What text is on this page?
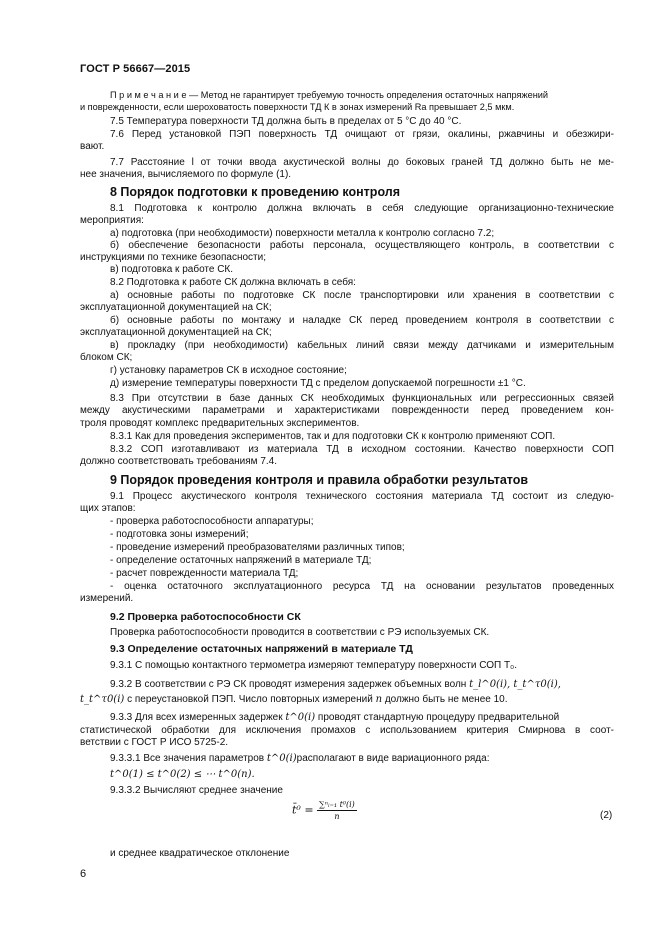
ГОСТ Р 56667—2015
П р и м е ч а н и е — Метод не гарантирует требуемую точность определения остаточных напряжений
и поврежденности, если шероховатость поверхности ТД К в зонах измерений Ra превышает 2,5 мкм.
7.5 Температура поверхности ТД должна быть в пределах от 5 °С до 40 °С.
7.6 Перед установкой ПЭП поверхность ТД очищают от грязи, окалины, ржавчины и обезжири-
вают.
7.7 Расстояние l от точки ввода акустической волны до боковых граней ТД должно быть не ме-
нее значения, вычисляемого по формуле (1).
8 Порядок подготовки к проведению контроля
8.1 Подготовка к контролю должна включать в себя следующие организационно-технические
мероприятия:
а) подготовка (при необходимости) поверхности металла к контролю согласно 7.2;
б) обеспечение безопасности работы персонала, осуществляющего контроль, в соответствии с
инструкциями по технике безопасности;
в) подготовка к работе СК.
8.2 Подготовка к работе СК должна включать в себя:
а) основные работы по подготовке СК после транспортировки или хранения в соответствии с
эксплуатационной документацией на СК;
б) основные работы по монтажу и наладке СК перед проведением контроля в соответствии с
эксплуатационной документацией на СК;
в) прокладку (при необходимости) кабельных линий связи между датчиками и измерительным
блоком СК;
г) установку параметров СК в исходное состояние;
д) измерение температуры поверхности ТД с пределом допускаемой погрешности ±1 °С.
8.3 При отсутствии в базе данных СК необходимых функциональных или регрессионных связей
между акустическими параметрами и характеристиками поврежденности перед проведением кон-
троля проводят комплекс предварительных экспериментов.
8.3.1 Как для проведения экспериментов, так и для подготовки СК к контролю применяют СОП.
8.3.2 СОП изготавливают из материала ТД в исходном состоянии. Качество поверхности СОП
должно соответствовать требованиям 7.4.
9 Порядок проведения контроля и правила обработки результатов
9.1 Процесс акустического контроля технического состояния материала ТД состоит из следую-
щих этапов:
- проверка работоспособности аппаратуры;
- подготовка зоны измерений;
- проведение измерений преобразователями различных типов;
- определение остаточных напряжений в материале ТД;
- расчет поврежденности материала ТД;
- оценка остаточного эксплуатационного ресурса ТД на основании результатов проведенных
измерений.
9.2 Проверка работоспособности СК
Проверка работоспособности проводится в соответствии с РЭ используемых СК.
9.3 Определение остаточных напряжений в материале ТД
9.3.1 С помощью контактного термометра измеряют температуру поверхности СОП T₀.
9.3.2 В соответствии с РЭ СК проводят измерения задержек объемных волн t_l^0(i), t_t^τ0(i),
t_t^τ0(i) с переустановкой ПЭП. Число повторных измерений n должно быть не менее 10.
9.3.3 Для всех измеренных задержек t^0(i) проводят стандартную процедуру предварительной
статистической обработки для исключения промахов с использованием критерия Смирнова в соот-
ветствии с ГОСТ Р ИСО 5725-2.
9.3.3.1 Все значения параметров t^0(i)располагают в виде вариационного ряда:
t^0(1) ≤ t^0(2) ≤ ⋯ t^0(n).
9.3.3.2 Вычисляют среднее значение
t̄⁰ = $\frac{\text{∑ⁿᵢ₌₁ t⁰(i)}}{n}$	(2)
и среднее квадратическое отклонение
6
